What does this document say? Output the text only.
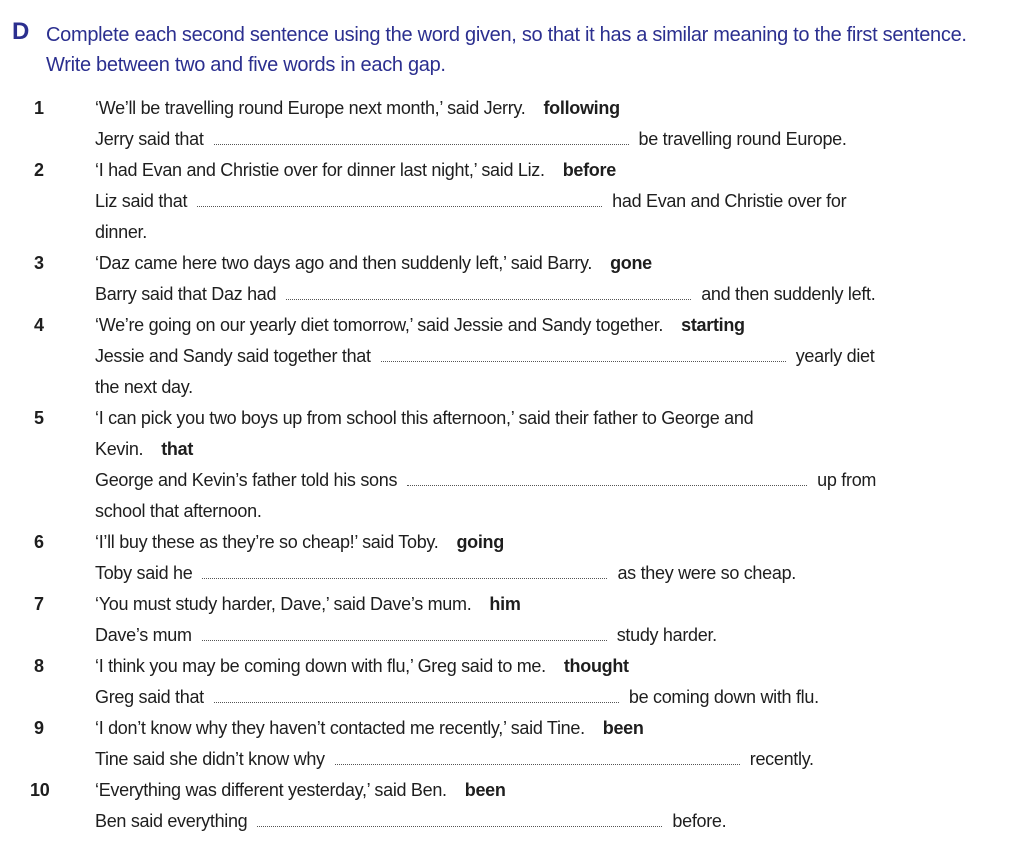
D Complete each second sentence using the word given, so that it has a similar meaning to the first sentence. Write between two and five words in each gap.
1	‘We’ll be travelling round Europe next month,’ said Jerry. following
Jerry said that	be travelling round Europe.
2	‘I had Evan and Christie over for dinner last night,’ said Liz. before
Liz said that	had Evan and Christie over for
dinner.
3	‘Daz came here two days ago and then suddenly left,’ said Barry. gone
Barry said that Daz had	and then suddenly left.
4	‘We’re going on our yearly diet tomorrow,’ said Jessie and Sandy together. starting
Jessie and Sandy said together that	yearly diet
the next day.
5	‘I can pick you two boys up from school this afternoon,’ said their father to George and
Kevin. that
George and Kevin’s father told his sons	up from
school that afternoon.
6	‘I’ll buy these as they’re so cheap!’ said Toby. going
Toby said he	as they were so cheap.
7	‘You must study harder, Dave,’ said Dave’s mum. him
Dave’s mum	study harder.
8	‘I think you may be coming down with flu,’ Greg said to me. thought
Greg said that	be coming down with flu.
9	‘I don’t know why they haven’t contacted me recently,’ said Tine. been
Tine said she didn’t know why	recently.
10	‘Everything was different yesterday,’ said Ben. been
Ben said everything	before.
